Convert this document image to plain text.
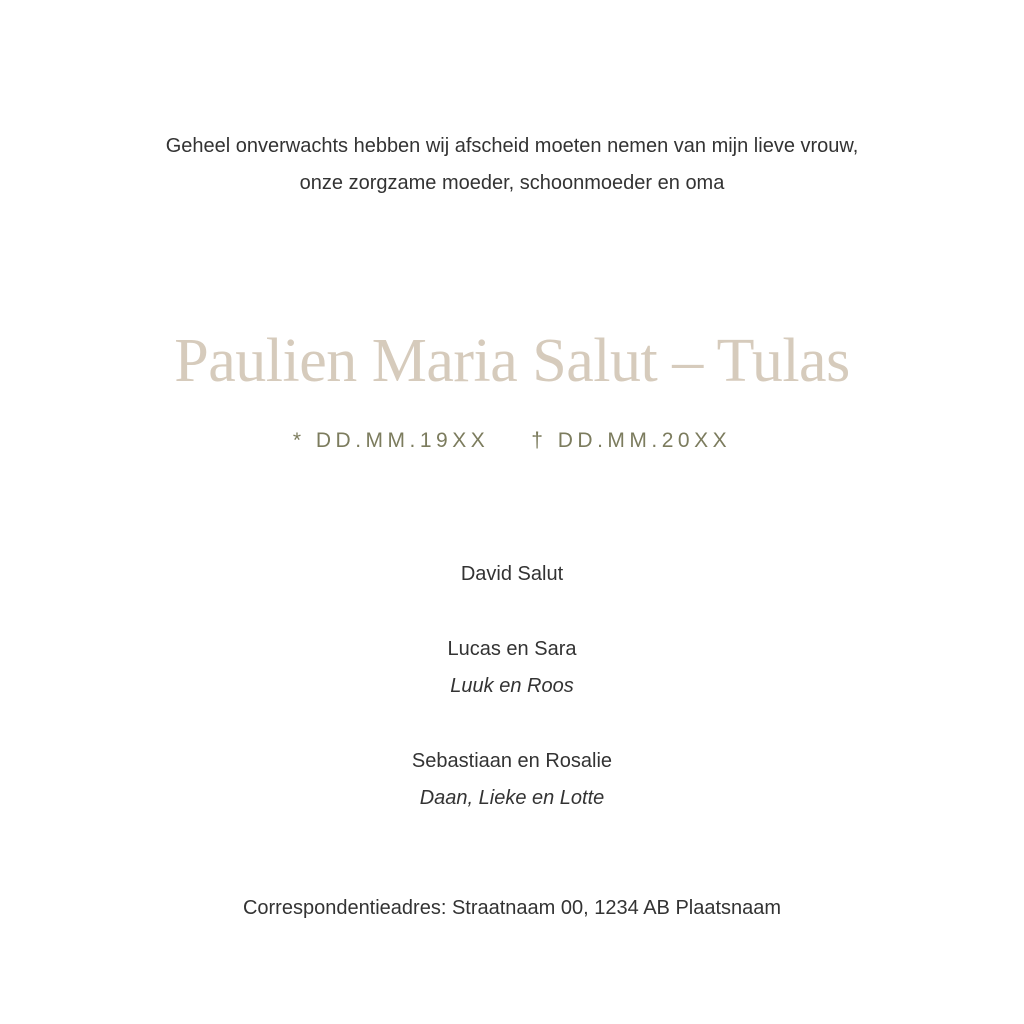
Geheel onverwachts hebben wij afscheid moeten nemen van mijn lieve vrouw,
onze zorgzame moeder, schoonmoeder en oma
Paulien Maria Salut – Tulas
* DD.MM.19XX † DD.MM.20XX
David Salut
Lucas en Sara
Luuk en Roos
Sebastiaan en Rosalie
Daan, Lieke en Lotte
Correspondentieadres: Straatnaam 00, 1234 AB Plaatsnaam
